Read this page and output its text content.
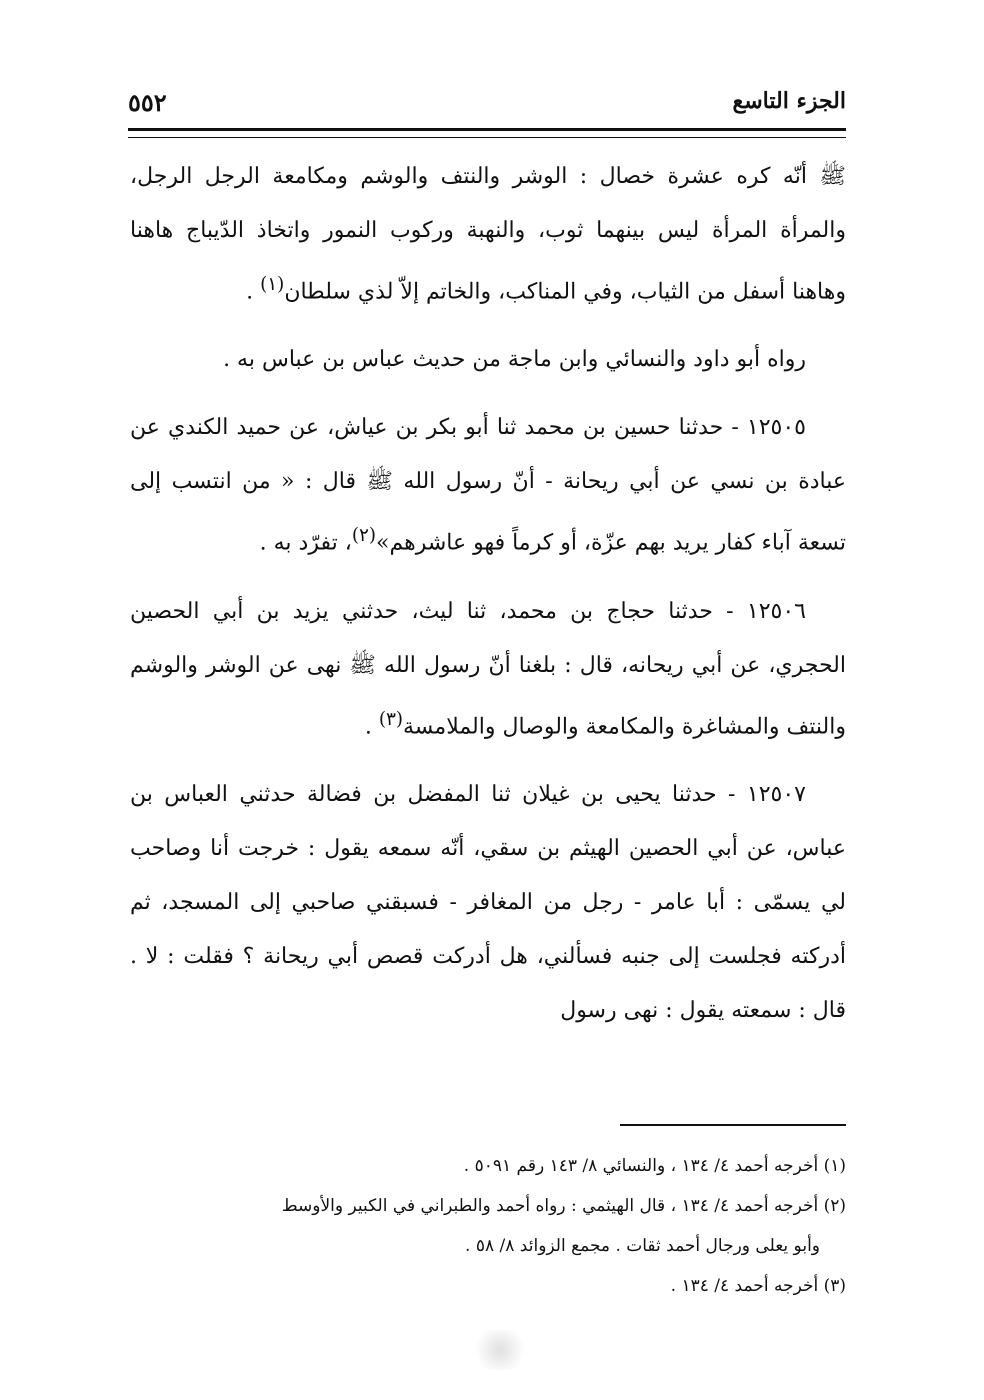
الجزء التاسع
٥٥٢

ﷺ أنّه كره عشرة خصال : الوشر والنتف والوشم ومكامعة الرجل الرجل، والمرأة المرأة ليس بينهما ثوب، والنهبة وركوب النمور واتخاذ الدّيباج هاهنا وهاهنا أسفل من الثياب، وفي المناكب، والخاتم إلاّ لذي سلطان$^{(١)}$ .

رواه أبو داود والنسائي وابن ماجة من حديث عباس بن عباس به .

١٢٥٠٥ - حدثنا حسين بن محمد ثنا أبو بكر بن عياش، عن حميد الكندي عن عبادة بن نسي عن أبي ريحانة - أنّ رسول الله ﷺ قال : « من انتسب إلى تسعة آباء كفار يريد بهم عزّة، أو كرماً فهو عاشرهم»$^{(٢)}$، تفرّد به .

١٢٥٠٦ - حدثنا حجاج بن محمد، ثنا ليث، حدثني يزيد بن أبي الحصين الحجري، عن أبي ريحانه، قال : بلغنا أنّ رسول الله ﷺ نهى عن الوشر والوشم والنتف والمشاغرة والمكامعة والوصال والملامسة$^{(٣)}$ .

١٢٥٠٧ - حدثنا يحيى بن غيلان ثنا المفضل بن فضالة حدثني العباس بن عباس، عن أبي الحصين الهيثم بن سقي، أنّه سمعه يقول : خرجت أنا وصاحب لي يسمّى : أبا عامر - رجل من المغافر - فسبقني صاحبي إلى المسجد، ثم أدركته فجلست إلى جنبه فسألني، هل أدركت قصص أبي ريحانة ؟ فقلت : لا . قال : سمعته يقول : نهى رسول

(١) أخرجه أحمد ٤/ ١٣٤ ، والنسائي ٨/ ١٤٣ رقم ٥٠٩١ .

(٢) أخرجه أحمد ٤/ ١٣٤ ، قال الهيثمي : رواه أحمد والطبراني في الكبير والأوسط

وأبو يعلى ورجال أحمد ثقات . مجمع الزوائد ٨/ ٥٨ .

(٣) أخرجه أحمد ٤/ ١٣٤ .
